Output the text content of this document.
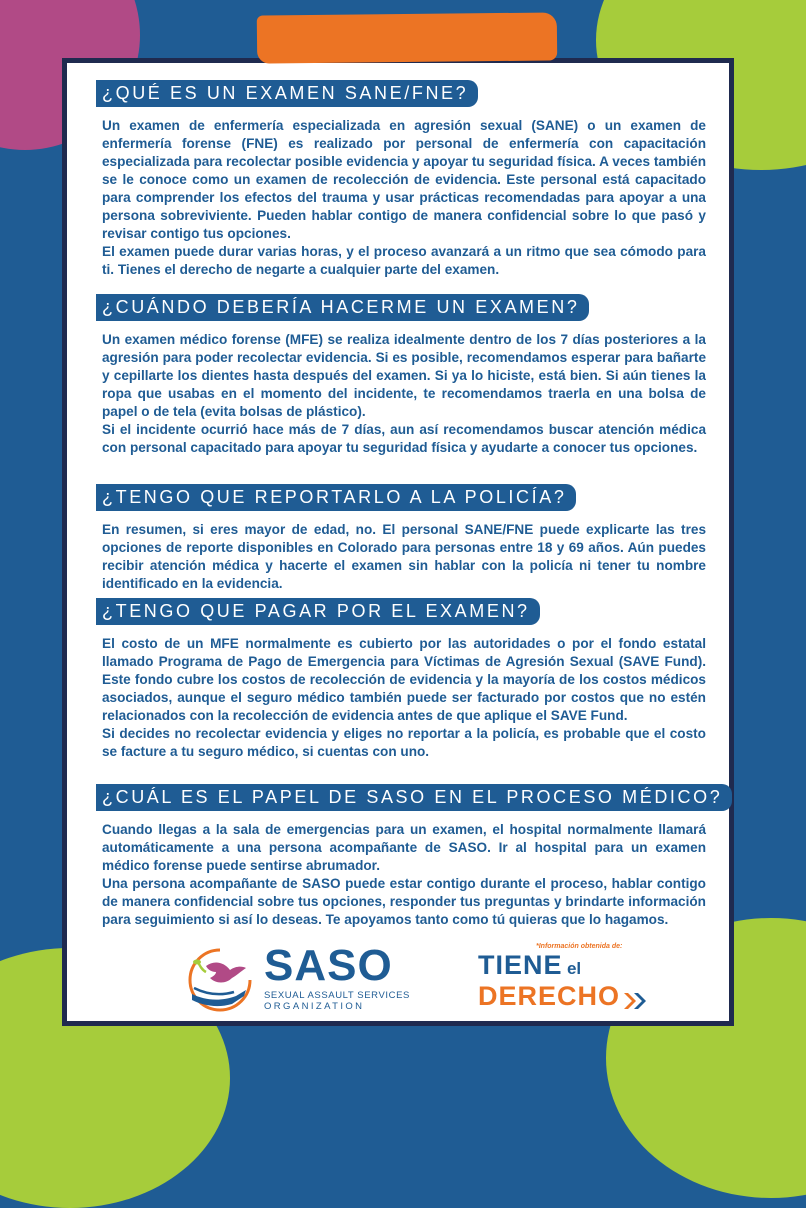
¿QUÉ ES UN EXAMEN SANE/FNE?

Un examen de enfermería especializada en agresión sexual (SANE) o un examen de enfermería forense (FNE) es realizado por personal de enfermería con capacitación especializada para recolectar posible evidencia y apoyar tu seguridad física. A veces también se le conoce como un examen de recolección de evidencia. Este personal está capacitado para comprender los efectos del trauma y usar prácticas recomendadas para apoyar a una persona sobreviviente. Pueden hablar contigo de manera confidencial sobre lo que pasó y revisar contigo tus opciones.

El examen puede durar varias horas, y el proceso avanzará a un ritmo que sea cómodo para ti. Tienes el derecho de negarte a cualquier parte del examen.

¿CUÁNDO DEBERÍA HACERME UN EXAMEN?

Un examen médico forense (MFE) se realiza idealmente dentro de los 7 días posteriores a la agresión para poder recolectar evidencia. Si es posible, recomendamos esperar para bañarte y cepillarte los dientes hasta después del examen. Si ya lo hiciste, está bien. Si aún tienes la ropa que usabas en el momento del incidente, te recomendamos traerla en una bolsa de papel o de tela (evita bolsas de plástico).

Si el incidente ocurrió hace más de 7 días, aun así recomendamos buscar atención médica con personal capacitado para apoyar tu seguridad física y ayudarte a conocer tus opciones.

¿TENGO QUE REPORTARLO A LA POLICÍA?

En resumen, si eres mayor de edad, no. El personal SANE/FNE puede explicarte las tres opciones de reporte disponibles en Colorado para personas entre 18 y 69 años. Aún puedes recibir atención médica y hacerte el examen sin hablar con la policía ni tener tu nombre identificado en la evidencia.

¿TENGO QUE PAGAR POR EL EXAMEN?

El costo de un MFE normalmente es cubierto por las autoridades o por el fondo estatal llamado Programa de Pago de Emergencia para Víctimas de Agresión Sexual (SAVE Fund). Este fondo cubre los costos de recolección de evidencia y la mayoría de los costos médicos asociados, aunque el seguro médico también puede ser facturado por costos que no estén relacionados con la recolección de evidencia antes de que aplique el SAVE Fund.

Si decides no recolectar evidencia y eliges no reportar a la policía, es probable que el costo se facture a tu seguro médico, si cuentas con uno.

¿CUÁL ES EL PAPEL DE SASO EN EL PROCESO MÉDICO?

Cuando llegas a la sala de emergencias para un examen, el hospital normalmente llamará automáticamente a una persona acompañante de SASO. Ir al hospital para un examen médico forense puede sentirse abrumador.

Una persona acompañante de SASO puede estar contigo durante el proceso, hablar contigo de manera confidencial sobre tus opciones, responder tus preguntas y brindarte información para seguimiento si así lo deseas. Te apoyamos tanto como tú quieras que lo hagamos.

SASO
SEXUAL ASSAULT SERVICES
ORGANIZATION
*Información obtenida de:
TIENE el
DERECHO
